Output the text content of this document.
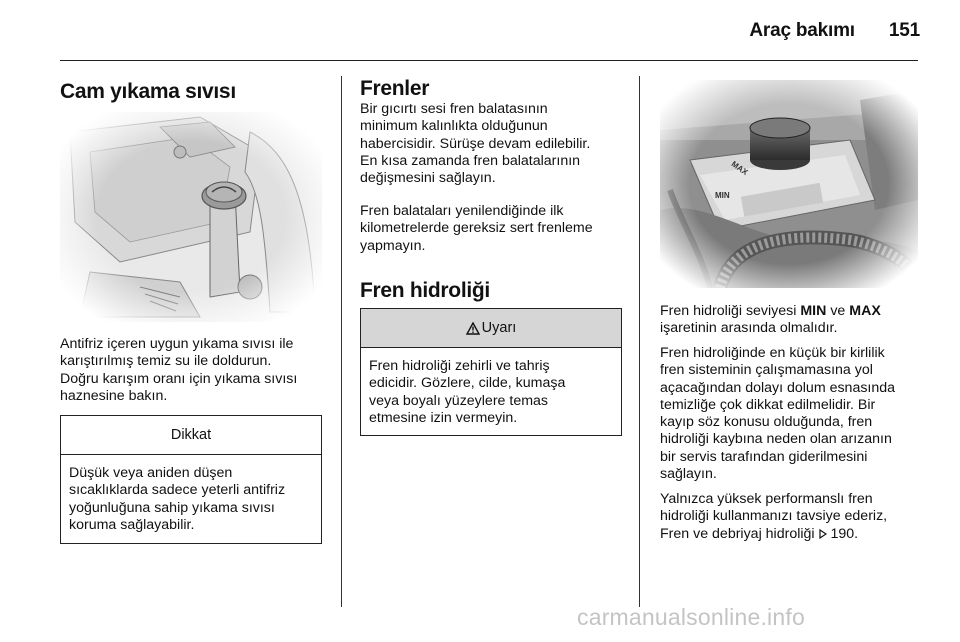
Araç bakımı 151
Cam yıkama sıvısı

Antifriz içeren uygun yıkama sıvısı ile
karıştırılmış temiz su ile doldurun.
Doğru karışım oranı için yıkama sıvısı
haznesine bakın.

Dikkat
Düşük veya aniden düşen
sıcaklıklarda sadece yeterli antifriz
yoğunluğuna sahip yıkama sıvısı
koruma sağlayabilir.
Frenler

Bir gıcırtı sesi fren balatasının
minimum kalınlıkta olduğunun
habercisidir. Sürüşe devam edilebilir.
En kısa zamanda fren balatalarının
değişmesini sağlayın.

Fren balataları yenilendiğinde ilk
kilometrelerde gereksiz sert frenleme
yapmayın.

Fren hidroliği
Uyarı
Fren hidroliği zehirli ve tahriş
edicidir. Gözlere, cilde, kumaşa
veya boyalı yüzeylere temas
etmesine izin vermeyin.

Fren hidroliği seviyesi MIN ve MAX
işaretinin arasında olmalıdır.

Fren hidroliğinde en küçük bir kirlilik
fren sisteminin çalışmamasına yol
açacağından dolayı dolum esnasında
temizliğe çok dikkat edilmelidir. Bir
kayıp söz konusu olduğunda, fren
hidroliği kaybına neden olan arızanın
bir servis tarafından giderilmesini
sağlayın.

Yalnızca yüksek performanslı fren
hidroliği kullanmanızı tavsiye ederiz,
Fren ve debriyaj hidroliği 190.

carmanualsonline.info
